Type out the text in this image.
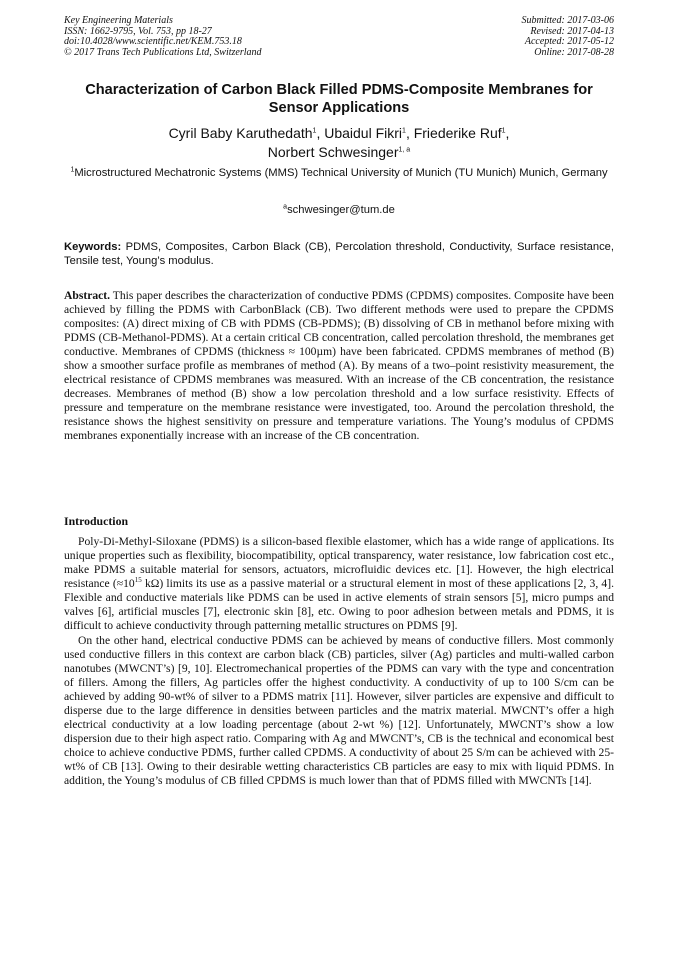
Key Engineering Materials
ISSN: 1662-9795, Vol. 753, pp 18-27
doi:10.4028/www.scientific.net/KEM.753.18
© 2017 Trans Tech Publications Ltd, Switzerland
Submitted: 2017-03-06
Revised: 2017-04-13
Accepted: 2017-05-12
Online: 2017-08-28
Characterization of Carbon Black Filled PDMS-Composite Membranes for Sensor Applications
Cyril Baby Karuthedath$^1$, Ubaidul Fikri$^1$, Friederike Ruf$^1$,
Norbert Schwesinger$^{1, a}$
$^1$Microstructured Mechatronic Systems (MMS) Technical University of Munich (TU Munich) Munich, Germany
$^a$schwesinger@tum.de
Keywords: PDMS, Composites, Carbon Black (CB), Percolation threshold, Conductivity, Surface resistance, Tensile test, Young’s modulus.
Abstract. This paper describes the characterization of conductive PDMS (CPDMS) composites. Composite have been achieved by filling the PDMS with CarbonBlack (CB). Two different methods were used to prepare the CPDMS composites: (A) direct mixing of CB with PDMS (CB-PDMS); (B) dissolving of CB in methanol before mixing with PDMS (CB-Methanol-PDMS). At a certain critical CB concentration, called percolation threshold, the membranes get conductive. Membranes of CPDMS (thickness ≈ 100µm) have been fabricated. CPDMS membranes of method (B) show a smoother surface profile as membranes of method (A). By means of a two–point resistivity measurement, the electrical resistance of CPDMS membranes was measured. With an increase of the CB concentration, the resistance decreases. Membranes of method (B) show a low percolation threshold and a low surface resistivity. Effects of pressure and temperature on the membrane resistance were investigated, too. Around the percolation threshold, the resistance shows the highest sensitivity on pressure and temperature variations. The Young’s modulus of CPDMS membranes exponentially increase with an increase of the CB concentration.
Introduction

Poly-Di-Methyl-Siloxane (PDMS) is a silicon-based flexible elastomer, which has a wide range of applications. Its unique properties such as flexibility, biocompatibility, optical transparency, water resistance, low fabrication cost etc., make PDMS a suitable material for sensors, actuators, microfluidic devices etc. [1]. However, the high electrical resistance ($\approx 10^{15}$ kΩ) limits its use as a passive material or a structural element in most of these applications [2, 3, 4]. Flexible and conductive materials like PDMS can be used in active elements of strain sensors [5], micro pumps and valves [6], artificial muscles [7], electronic skin [8], etc. Owing to poor adhesion between metals and PDMS, it is difficult to achieve conductivity through patterning metallic structures on PDMS [9].

On the other hand, electrical conductive PDMS can be achieved by means of conductive fillers. Most commonly used conductive fillers in this context are carbon black (CB) particles, silver (Ag) particles and multi-walled carbon nanotubes (MWCNT’s) [9, 10]. Electromechanical properties of the PDMS can vary with the type and concentration of fillers. Among the fillers, Ag particles offer the highest conductivity. A conductivity of up to 100 S/cm can be achieved by adding 90-wt% of silver to a PDMS matrix [11]. However, silver particles are expensive and difficult to disperse due to the large difference in densities between particles and the matrix material. MWCNT’s offer a high electrical conductivity at a low loading percentage (about 2-wt %) [12]. Unfortunately, MWCNT’s show a low dispersion due to their high aspect ratio. Comparing with Ag and MWCNT’s, CB is the technical and economical best choice to achieve conductive PDMS, further called CPDMS. A conductivity of about 25 S/m can be achieved with 25-wt% of CB [13]. Owing to their desirable wetting characteristics CB particles are easy to mix with liquid PDMS. In addition, the Young’s modulus of CB filled CPDMS is much lower than that of PDMS filled with MWCNTs [14].
